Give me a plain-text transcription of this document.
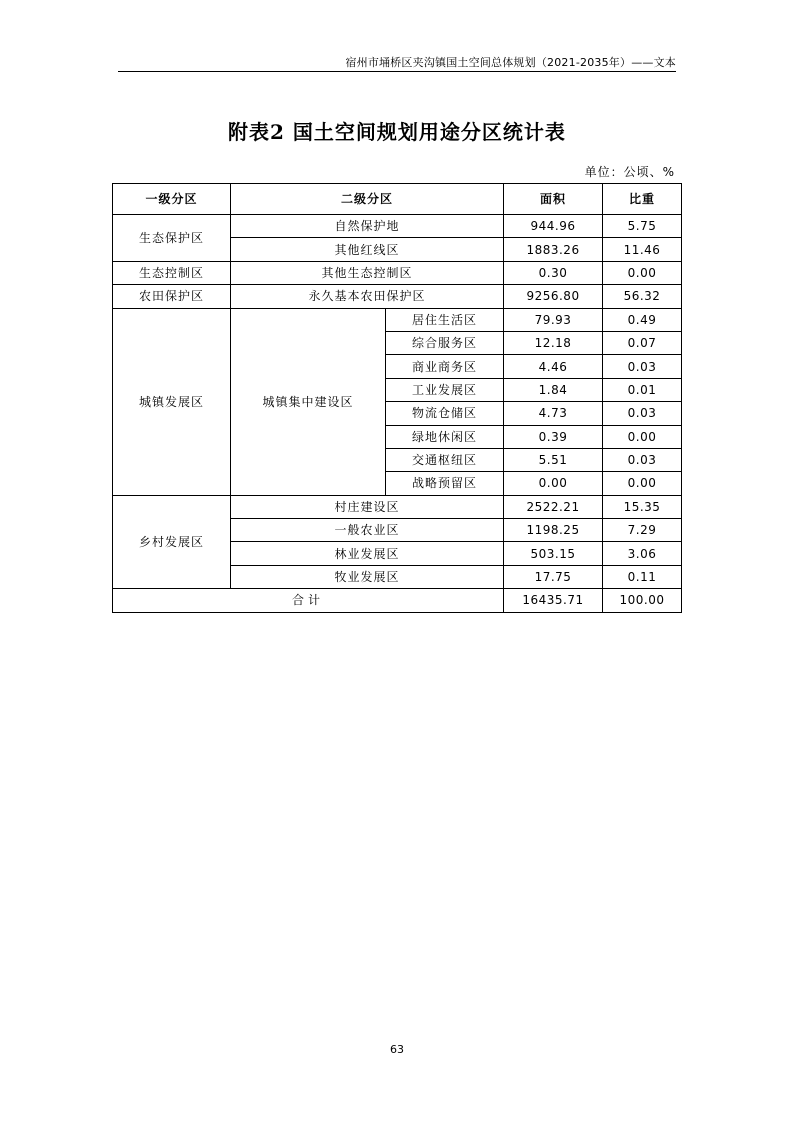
宿州市埇桥区夹沟镇国土空间总体规划（2021-2035年）——文本
附表2 国土空间规划用途分区统计表
单位：公顷、%
一级分区	二级分区		面积	比重
生态保护区	自然保护地		944.96	5.75
	其他红线区		1883.26	11.46
生态控制区	其他生态控制区		0.30	0.00
农田保护区	永久基本农田保护区		9256.80	56.32
城镇发展区	城镇集中建设区	居住生活区	79.93	0.49
		综合服务区	12.18	0.07
		商业商务区	4.46	0.03
		工业发展区	1.84	0.01
		物流仓储区	4.73	0.03
		绿地休闲区	0.39	0.00
		交通枢纽区	5.51	0.03
		战略预留区	0.00	0.00
乡村发展区	村庄建设区		2522.21	15.35
	一般农业区		1198.25	7.29
	林业发展区		503.15	3.06
	牧业发展区		17.75	0.11
合计			16435.71	100.00
63
